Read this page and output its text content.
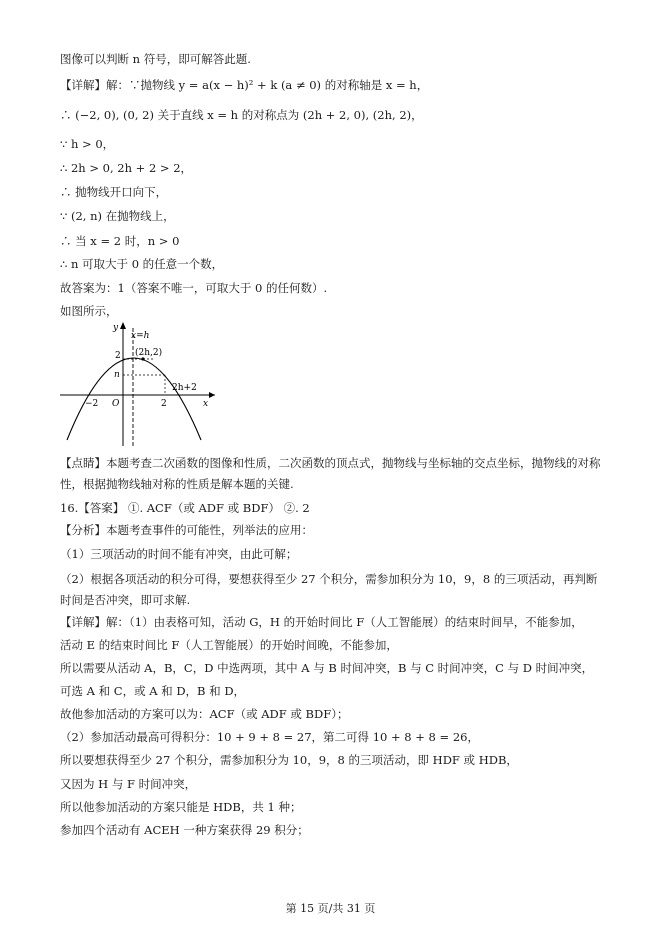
图像可以判断 n 符号，即可解答此题.
【详解】解：∵抛物线 y = a(x − h)² + k (a ≠ 0) 的对称轴是 x = h，
∴ (−2, 0), (0, 2) 关于直线 x = h 的对称点为 (2h + 2, 0), (2h, 2)，
∵ h > 0，
∴ 2h > 0, 2h + 2 > 2，
∴ 抛物线开口向下，
∵ (2, n) 在抛物线上，
∴ 当 x = 2 时，n > 0
∴ n 可取大于 0 的任意一个数，
故答案为：1（答案不唯一，可取大于 0 的任何数）.
如图所示，
y
x
x=h
2
n
(2h,2)
2h+2
−2 O	2
【点睛】本题考查二次函数的图像和性质，二次函数的顶点式，抛物线与坐标轴的交点坐标，抛物线的对称性，根据抛物线轴对称的性质是解本题的关键.
16.【答案】 ①. ACF（或 ADF 或 BDF） ②. 2
【分析】本题考查事件的可能性，列举法的应用：
（1）三项活动的时间不能有冲突，由此可解；
（2）根据各项活动的积分可得，要想获得至少 27 个积分，需参加积分为 10，9，8 的三项活动，再判断时间是否冲突，即可求解.
【详解】解：（1）由表格可知，活动 G，H 的开始时间比 F（人工智能展）的结束时间早，不能参加，
活动 E 的结束时间比 F（人工智能展）的开始时间晚，不能参加，
所以需要从活动 A，B，C，D 中选两项，其中 A 与 B 时间冲突，B 与 C 时间冲突，C 与 D 时间冲突，
可选 A 和 C，或 A 和 D，B 和 D，
故他参加活动的方案可以为：ACF（或 ADF 或 BDF）；
（2）参加活动最高可得积分：10 + 9 + 8 = 27，第二可得 10 + 8 + 8 = 26，
所以要想获得至少 27 个积分，需参加积分为 10，9，8 的三项活动，即 HDF 或 HDB，
又因为 H 与 F 时间冲突，
所以他参加活动的方案只能是 HDB，共 1 种；
参加四个活动有 ACEH 一种方案获得 29 积分；
第 15 页/共 31 页
